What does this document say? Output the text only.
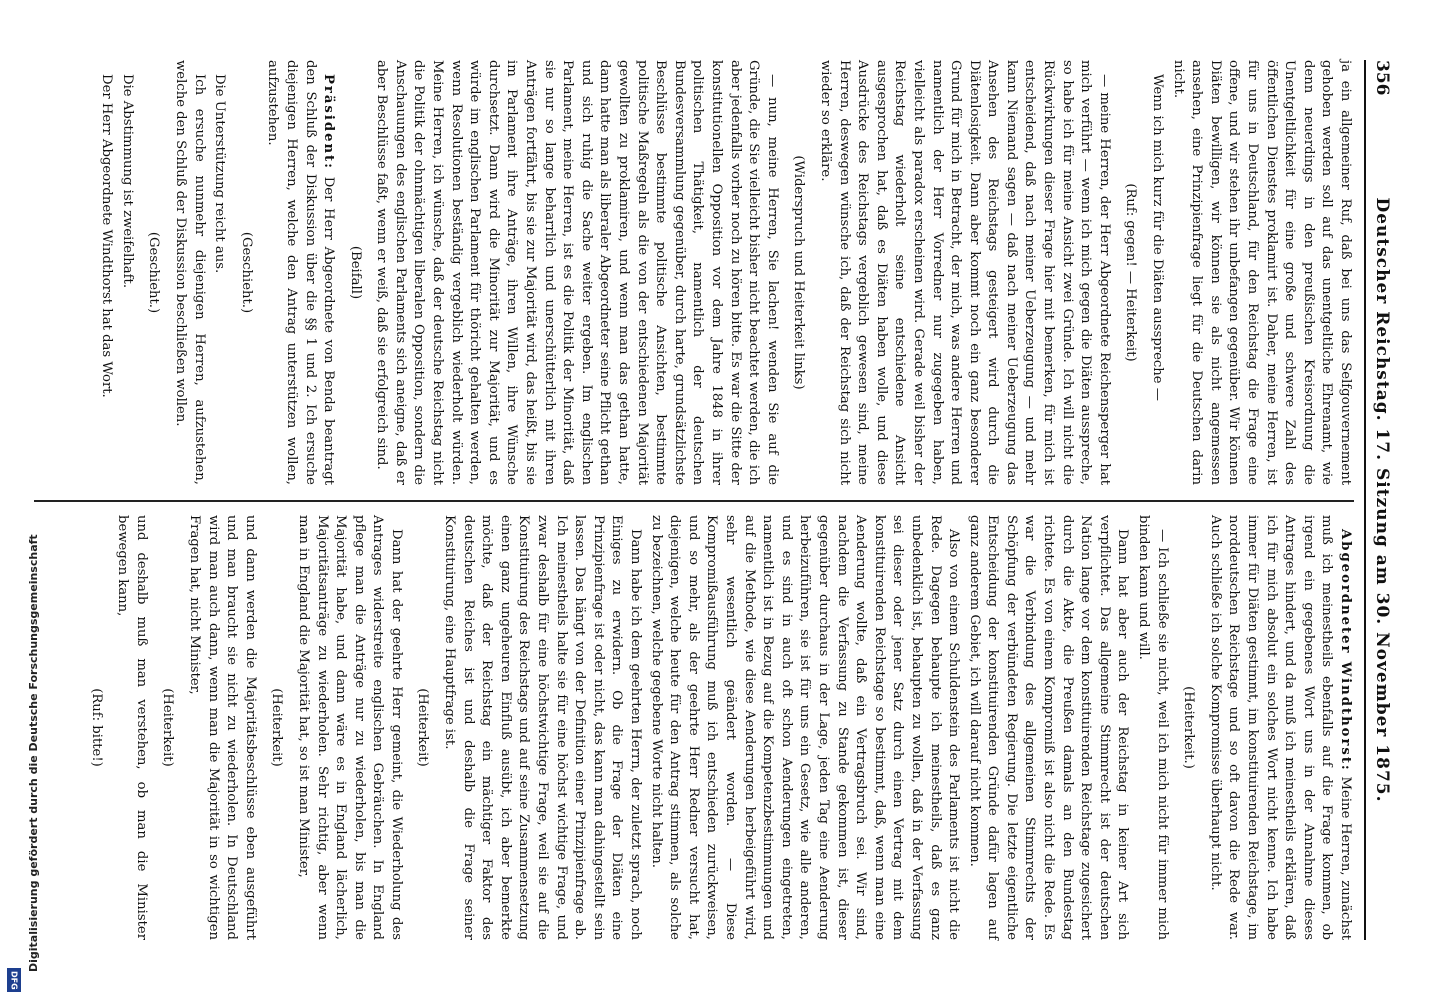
356
Deutscher Reichstag. 17. Sitzung am 30. November 1875.

ja ein allgemeiner Ruf, daß bei uns das Selfgouvernement gehoben werden soll auf das unentgeltliche Ehrenamt, wie denn neuerdings in den preußischen Kreisordnung die Unentgeltlichkeit für eine große und schwere Zahl des öffentlichen Dienstes proklamirt ist. Daher, meine Herren, ist für uns in Deutschland, für den Reichstag die Frage eine offene, und wir stehen ihr unbefangen gegenüber. Wir können Diäten bewilligen, wir können sie als nicht angemessen ansehen, eine Prinzipienfrage liegt für die Deutschen darin nicht.

Wenn ich mich kurz für die Diäten ausspreche —

(Ruf: gegen! — Heiterkeit)

— meine Herren, der Herr Abgeordnete Reichensperger hat mich verführt — wenn ich mich gegen die Diäten ausspreche, so habe ich für meine Ansicht zwei Gründe. Ich will nicht die Rückwirkungen dieser Frage hier mit bemerken, für mich ist entscheidend, daß nach meiner Ueberzeugung — und mehr kann Niemand sagen — daß nach meiner Ueberzeugung das Ansehen des Reichstags gesteigert wird durch die Diätenlosigkeit. Dann aber kommt noch ein ganz besonderer Grund für mich in Betracht, der mich, was andere Herren und namentlich der Herr Vorredner nur zugegeben haben, vielleicht als paradox erscheinen wird. Gerade weil bisher der Reichstag wiederholt seine entschiedene Ansicht ausgesprochen hat, daß es Diäten haben wolle, und diese Ausdrücke des Reichstags vergeblich gewesen sind, meine Herren, deswegen wünsche ich, daß der Reichstag sich nicht wieder so erkläre.

(Widerspruch und Heiterkeit links)

— nun, meine Herren, Sie lachen! wenden Sie auf die Gründe, die Sie vielleicht bisher nicht beachtet werden, die ich aber jedenfalls vorher noch zu hören bitte. Es war die Sitte der konstitutionellen Opposition vor dem Jahre 1848 in ihrer politischen Thätigkeit, namentlich der deutschen Bundesversammlung gegenüber, durch harte, grundsätzlichste Beschlüsse bestimmte politische Ansichten, bestimmte politische Maßregeln als die von der entschiedenen Majorität gewollten zu proklamiren, und wenn man das gethan hatte, dann hatte man als liberaler Abgeordneter seine Pflicht gethan und sich ruhig die Sache weiter ergeben. Im englischen Parlament, meine Herren, ist es die Politik der Minorität, daß sie nur so lange beharrlich und unerschütterlich mit ihren Anträgen fortfährt, bis sie zur Majorität wird, das heißt, bis sie im Parlament ihre Anträge, ihren Willen, ihre Wünsche durchsetzt. Dann wird die Minorität zur Majorität, und es würde im englischen Parlament für thöricht gehalten werden, wenn Resolutionen beständig vergeblich wiederholt würden. Meine Herren, ich wünsche, daß der deutsche Reichstag nicht die Politik der ohnmächtigen liberalen Opposition, sondern die Anschauungen des englischen Parlaments sich aneigne, daß er aber Beschlüsse faßt, wenn er weiß, daß sie erfolgreich sind.

(Beifall)

Präsident: Der Herr Abgeordnete von Benda beantragt den Schluß der Diskussion über die §§ 1 und 2. Ich ersuche diejenigen Herren, welche den Antrag unterstützen wollen, aufzustehen.

(Geschieht.)

Die Unterstützung reicht aus.

Ich ersuche nunmehr diejenigen Herren, aufzustehen, welche den Schluß der Diskussion beschließen wollen.

(Geschieht.)

Die Abstimmung ist zweifelhaft.

Der Herr Abgeordnete Windthorst hat das Wort.

Abgeordneter Windthorst: Meine Herren, zunächst muß ich meinestheils ebenfalls auf die Frage kommen, ob irgend ein gegebenes Wort uns in der Annahme dieses Antrages hindert, und da muß ich meinestheils erklären, daß ich für mich absolut ein solches Wort nicht kenne. Ich habe immer für Diäten gestimmt, im konstituirenden Reichstage, im norddeutschen Reichstage und so oft davon die Rede war. Auch schließe ich solche Kompromisse überhaupt nicht.

(Heiterkeit.)

— Ich schließe sie nicht, weil ich mich nicht für immer mich binden kann und will.

Dann hat aber auch der Reichstag in keiner Art sich verpflichtet. Das allgemeine Stimmrecht ist der deutschen Nation lange vor dem konstituirenden Reichstage zugesichert durch die Akte, die Preußen damals an den Bundestag richtete. Es von einem Kompromiß ist also nicht die Rede. Es war die Verbindung des allgemeinen Stimmrechts der Schöpfung der verbündeten Regierung. Die letzte eigentliche Entscheidung der konstituirenden Gründe dafür lagen auf ganz anderem Gebiet, ich will darauf nicht kommen.

Also von einem Schuldenstein des Parlaments ist nicht die Rede. Dagegen behaupte ich meinestheils, daß es ganz unbedenklich ist, behaupten zu wollen, daß in der Verfassung sei dieser oder jener Satz durch einen Vertrag mit dem konstituirenden Reichstage so bestimmt, daß, wenn man eine Aenderung wollte, daß ein Vertragsbruch sei. Wir sind, nachdem die Verfassung zu Stande gekommen ist, dieser gegenüber durchaus in der Lage, jeden Tag eine Aenderung herbeizuführen, sie ist für uns ein Gesetz, wie alle anderen, und es sind in auch oft schon Aenderungen eingetreten, namentlich ist in Bezug auf die Kompetenzbestimmungen und auf die Methode, wie diese Aenderungen herbeigeführt wird, sehr wesentlich geändert worden. — Diese Kompromißausführung muß ich entschieden zurückweisen, und so mehr, als der geehrte Herr Redner versucht hat, diejenigen, welche heute für den Antrag stimmen, als solche zu bezeichnen, welche gegebene Worte nicht halten.

Dann habe ich dem geehrten Herrn, der zuletzt sprach, noch Einiges zu erwidern. Ob die Frage der Diäten eine Prinzipienfrage ist oder nicht, das kann man dahingestellt sein lassen. Das hängt von der Definition einer Prinzipienfrage ab. Ich meinestheils halte sie für eine höchst wichtige Frage, und zwar deshalb für eine höchstwichtige Frage, weil sie auf die Konstituirung des Reichstags und auf seine Zusammensetzung einen ganz ungeheuren Einfluß ausübt, ich aber bemerkte möchte, daß der Reichstag ein mächtiger Faktor des deutschen Reiches ist und deshalb die Frage seiner Konstituirung, eine Hauptfrage ist.

(Heiterkeit)

Dann hat der geehrte Herr gemeint, die Wiederholung des Antrages widerstreite englischen Gebräuchen. In England pflege man die Anträge nur zu wiederholen, bis man die Majorität habe, und dann wäre es in England lächerlich, Majoritätsanträge zu wiederholen. Sehr richtig, aber wenn man in England die Majorität hat, so ist man Minister,

(Heiterkeit)

und dann werden die Majoritätsbeschlüsse eben ausgeführt und man braucht sie nicht zu wiederholen. In Deutschland wird man auch dann, wenn man die Majorität in so wichtigen Fragen hat, nicht Minister,

(Heiterkeit)

und deshalb muß man verstehen, ob man die Minister bewegen kann,

(Ruf: bitte!)

Digitalisierung gefördert durch die Deutsche Forschungsgemeinschaft
DFG
